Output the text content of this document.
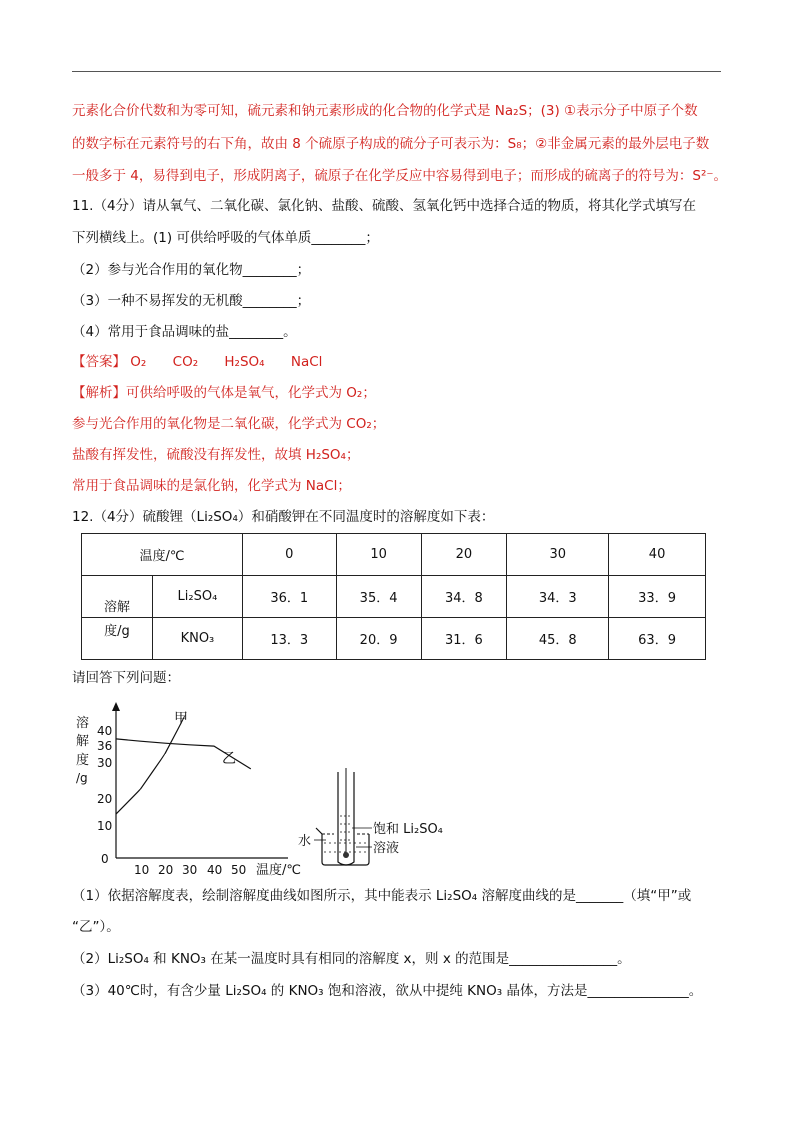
元素化合价代数和为零可知，硫元素和钠元素形成的化合物的化学式是 Na₂S；(3) ①表示分子中原子个数
的数字标在元素符号的右下角，故由 8 个硫原子构成的硫分子可表示为：S₈；②非金属元素的最外层电子数
一般多于 4，易得到电子，形成阴离子，硫原子在化学反应中容易得到电子；而形成的硫离子的符号为：S²⁻。
11.（4分）请从氧气、二氧化碳、氯化钠、盐酸、硫酸、氢氧化钙中选择合适的物质，将其化学式填写在
下列横线上。(1) 可供给呼吸的气体单质________；
（2）参与光合作用的氧化物________；
（3）一种不易挥发的无机酸________；
（4）常用于食品调味的盐________。
【答案】 O₂ CO₂ H₂SO₄ NaCl
【解析】可供给呼吸的气体是氧气，化学式为 O₂；
参与光合作用的氧化物是二氧化碳，化学式为 CO₂；
盐酸有挥发性，硫酸没有挥发性，故填 H₂SO₄；
常用于食品调味的是氯化钠，化学式为 NaCl；
12.（4分）硫酸锂（Li₂SO₄）和硝酸钾在不同温度时的溶解度如下表：
温度/℃	0	10	20	30	40

溶解
Li₂SO₄	36．1	35．4	34．8	34．3	33．9

度/g KNO₃	13．3	20．9	31．6	45．8	63．9
请回答下列问题：
溶
解
度
/g
40
36
30
20
10
0
10 20 30 40 50 温度/℃
甲
乙
水
饱和 Li₂SO₄
溶液
（1）依据溶解度表，绘制溶解度曲线如图所示，其中能表示 Li₂SO₄ 溶解度曲线的是_______（填“甲”或
“乙”）。
（2）Li₂SO₄ 和 KNO₃ 在某一温度时具有相同的溶解度 x，则 x 的范围是________________。
（3）40℃时，有含少量 Li₂SO₄ 的 KNO₃ 饱和溶液，欲从中提纯 KNO₃ 晶体，方法是_______________。
